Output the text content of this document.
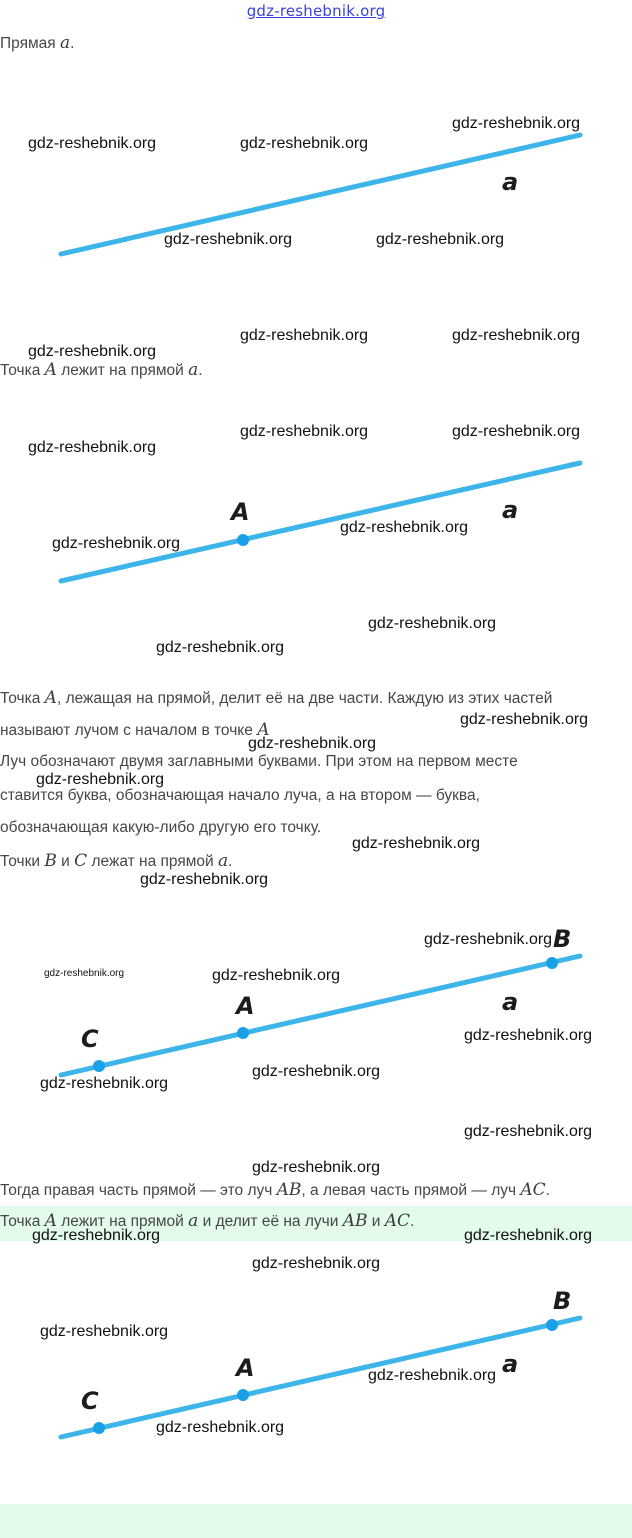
gdz-reshebnik.org
Прямая a.
a
Точка A лежит на прямой a.
A	a
Точка A, лежащая на прямой, делит её на две части. Каждую из этих частей
называют лучом с началом в точке A
Луч обозначают двумя заглавными буквами. При этом на первом месте
ставится буква, обозначающая начало луча, а на втором — буква,
обозначающая какую-либо другую его точку.
Точки B и C лежат на прямой a.
C
A
B
a
Тогда правая часть прямой — это луч AB, а левая часть прямой — луч AC.
Точка A лежит на прямой a и делит её на лучи AB и AC.
C
A
B
a
gdz-reshebnik.org
gdz-reshebnik.org	gdz-reshebnik.org
gdz-reshebnik.org	gdz-reshebnik.org
gdz-reshebnik.org	gdz-reshebnik.org
gdz-reshebnik.org
gdz-reshebnik.org	gdz-reshebnik.org
gdz-reshebnik.org
gdz-reshebnik.org
gdz-reshebnik.org
gdz-reshebnik.org
gdz-reshebnik.org
gdz-reshebnik.org
gdz-reshebnik.org
gdz-reshebnik.org
gdz-reshebnik.org
gdz-reshebnik.org
gdz-reshebnik.org
gdz-reshebnik.org	gdz-reshebnik.org
gdz-reshebnik.org
gdz-reshebnik.org
gdz-reshebnik.org
gdz-reshebnik.org
gdz-reshebnik.org
gdz-reshebnik.org	gdz-reshebnik.org
gdz-reshebnik.org
gdz-reshebnik.org
gdz-reshebnik.org
gdz-reshebnik.org
